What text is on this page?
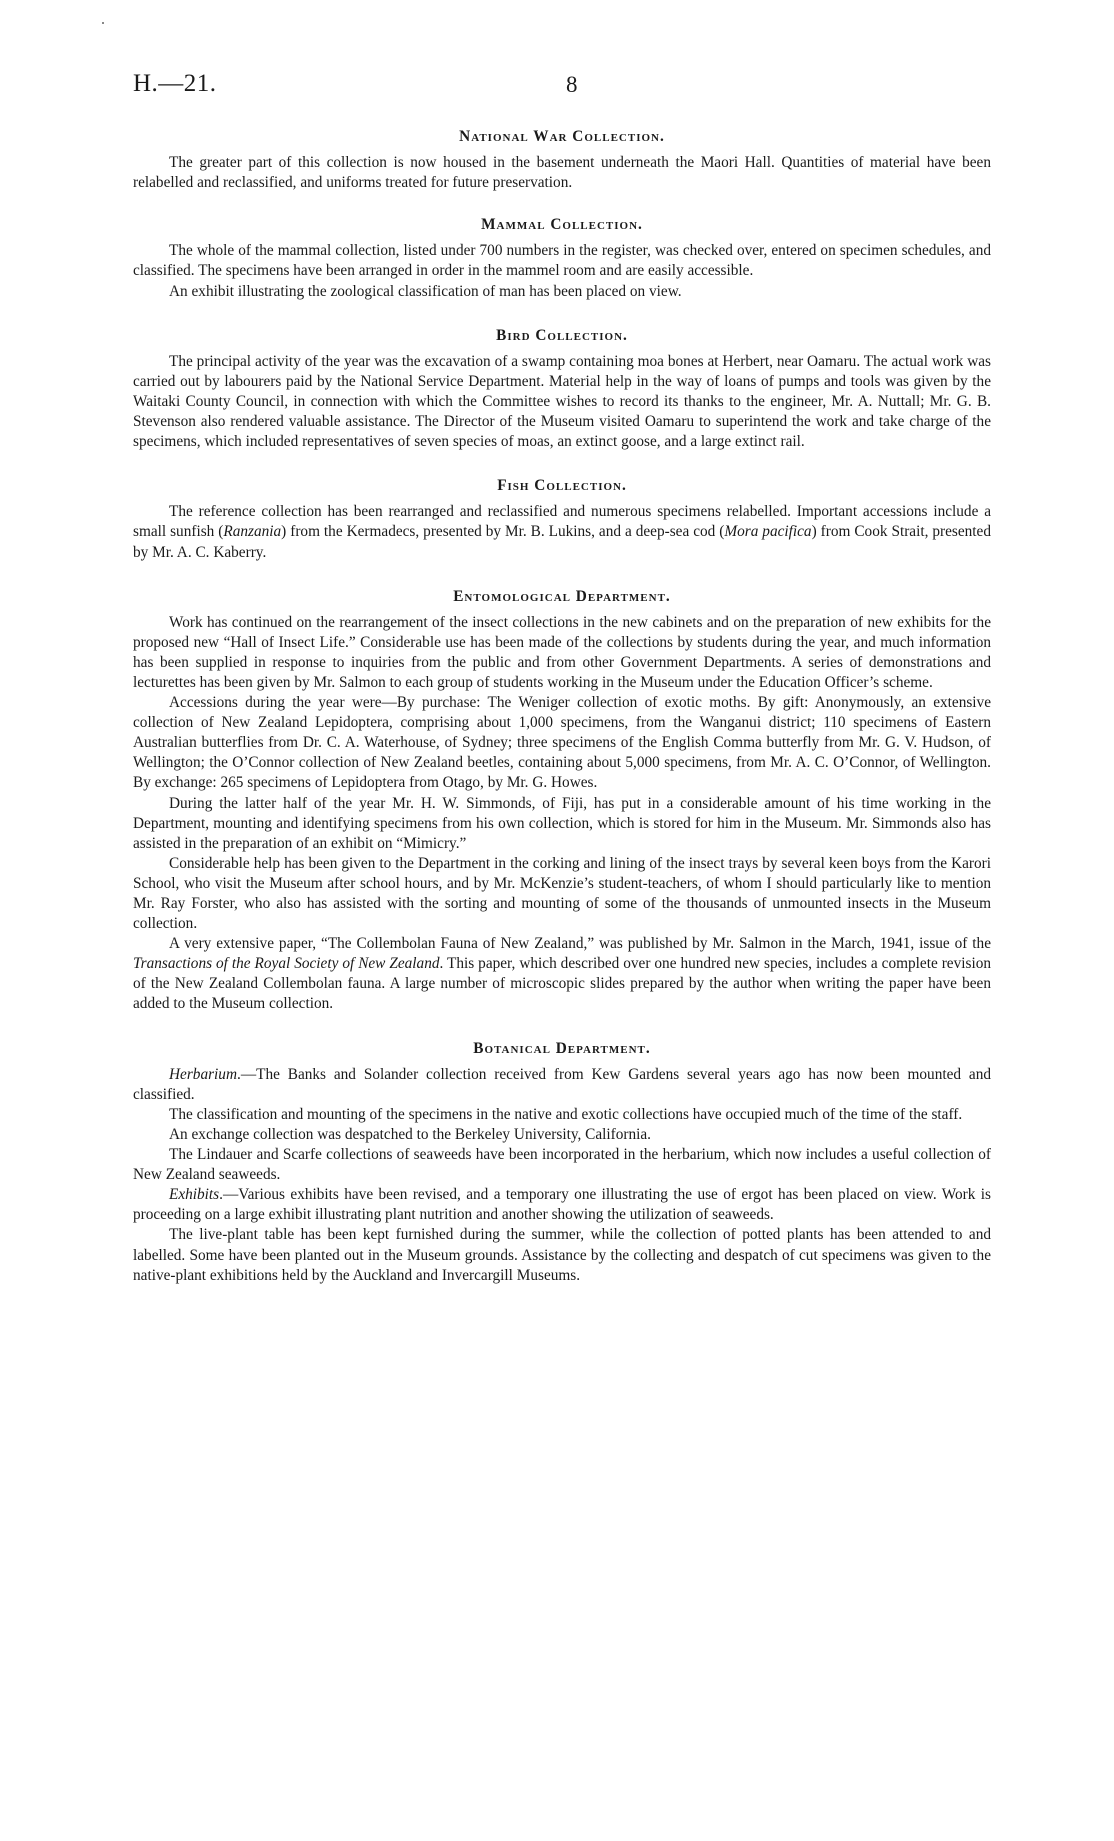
H.—21.	8
National War Collection.

The greater part of this collection is now housed in the basement underneath the Maori Hall. Quantities of material have been relabelled and reclassified, and uniforms treated for future preservation.

Mammal Collection.

The whole of the mammal collection, listed under 700 numbers in the register, was checked over, entered on specimen schedules, and classified. The specimens have been arranged in order in the mammel room and are easily accessible.

An exhibit illustrating the zoological classification of man has been placed on view.

Bird Collection.

The principal activity of the year was the excavation of a swamp containing moa bones at Herbert, near Oamaru. The actual work was carried out by labourers paid by the National Service Department. Material help in the way of loans of pumps and tools was given by the Waitaki County Council, in connection with which the Committee wishes to record its thanks to the engineer, Mr. A. Nuttall; Mr. G. B. Stevenson also rendered valuable assistance. The Director of the Museum visited Oamaru to superintend the work and take charge of the specimens, which included representatives of seven species of moas, an extinct goose, and a large extinct rail.

Fish Collection.

The reference collection has been rearranged and reclassified and numerous specimens relabelled. Important accessions include a small sunfish (Ranzania) from the Kermadecs, presented by Mr. B. Lukins, and a deep-sea cod (Mora pacifica) from Cook Strait, presented by Mr. A. C. Kaberry.

Entomological Department.

Work has continued on the rearrangement of the insect collections in the new cabinets and on the preparation of new exhibits for the proposed new “Hall of Insect Life.” Considerable use has been made of the collections by students during the year, and much information has been supplied in response to inquiries from the public and from other Government Departments. A series of demonstrations and lecturettes has been given by Mr. Salmon to each group of students working in the Museum under the Education Officer’s scheme.

Accessions during the year were—By purchase: The Weniger collection of exotic moths. By gift: Anonymously, an extensive collection of New Zealand Lepidoptera, comprising about 1,000 specimens, from the Wanganui district; 110 specimens of Eastern Australian butterflies from Dr. C. A. Waterhouse, of Sydney; three specimens of the English Comma butterfly from Mr. G. V. Hudson, of Wellington; the O’Connor collection of New Zealand beetles, containing about 5,000 specimens, from Mr. A. C. O’Connor, of Wellington. By exchange: 265 specimens of Lepidoptera from Otago, by Mr. G. Howes.

During the latter half of the year Mr. H. W. Simmonds, of Fiji, has put in a considerable amount of his time working in the Department, mounting and identifying specimens from his own collection, which is stored for him in the Museum. Mr. Simmonds also has assisted in the preparation of an exhibit on “Mimicry.”

Considerable help has been given to the Department in the corking and lining of the insect trays by several keen boys from the Karori School, who visit the Museum after school hours, and by Mr. McKenzie’s student-teachers, of whom I should particularly like to mention Mr. Ray Forster, who also has assisted with the sorting and mounting of some of the thousands of unmounted insects in the Museum collection.

A very extensive paper, “The Collembolan Fauna of New Zealand,” was published by Mr. Salmon in the March, 1941, issue of the Transactions of the Royal Society of New Zealand. This paper, which described over one hundred new species, includes a complete revision of the New Zealand Collembolan fauna. A large number of microscopic slides prepared by the author when writing the paper have been added to the Museum collection.

Botanical Department.

Herbarium.—The Banks and Solander collection received from Kew Gardens several years ago has now been mounted and classified.

The classification and mounting of the specimens in the native and exotic collections have occupied much of the time of the staff.

An exchange collection was despatched to the Berkeley University, California.

The Lindauer and Scarfe collections of seaweeds have been incorporated in the herbarium, which now includes a useful collection of New Zealand seaweeds.

Exhibits.—Various exhibits have been revised, and a temporary one illustrating the use of ergot has been placed on view. Work is proceeding on a large exhibit illustrating plant nutrition and another showing the utilization of seaweeds.

The live-plant table has been kept furnished during the summer, while the collection of potted plants has been attended to and labelled. Some have been planted out in the Museum grounds. Assistance by the collecting and despatch of cut specimens was given to the native-plant exhibitions held by the Auckland and Invercargill Museums.
